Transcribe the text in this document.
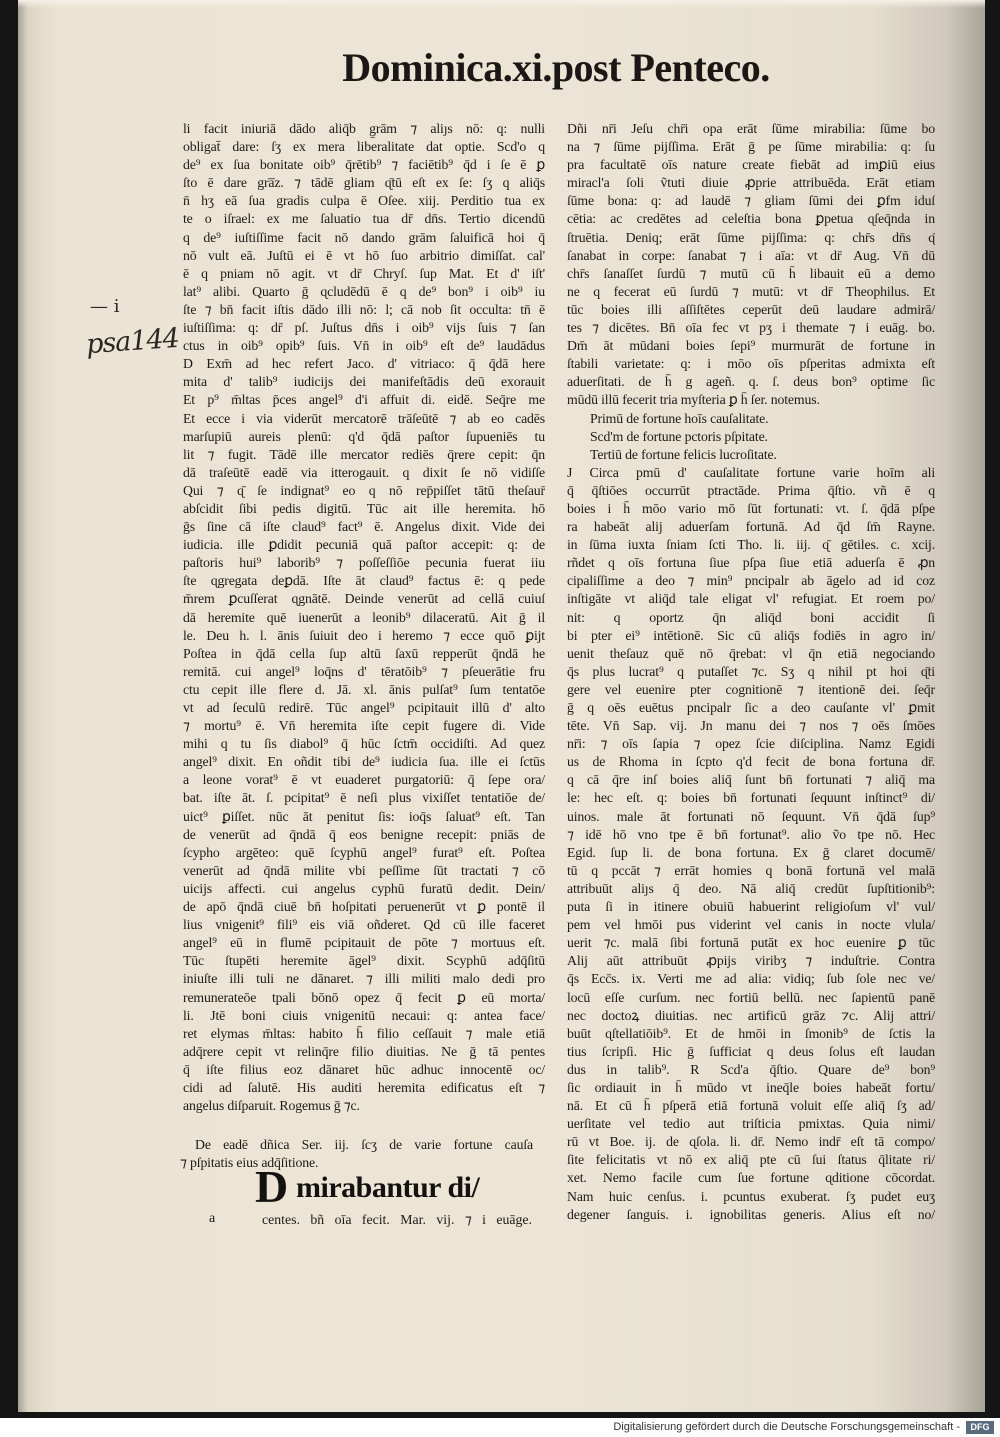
Dominica.xi.post Penteco.
— i
psa144
li facit iniuriā dādo aliq̄b g̱rām ⁊ aliȷs nō: q: nulli
obligat̄ dare: ſʒ ex mera liberalitate dat optie. Scd'o q
de⁹ ex ſua bonitate oib⁹ q̄rētib⁹ ⁊ faciētib⁹ q̄d i ſe ē ꝑ
ſto ē dare gra̅z. ⁊ tādē gliam ɋ̄tū eſt ex ſe: ſʒ q aliq̄s
n̄ hʒ eā ſua gradis culpa ē Oſee. xiij. Perditio tua ex
te o iſrael: ex me ſaluatio tua dr̄ dn̄s. Tertio dicendū
q de⁹ iuſtiſſime facit nō dando grām ſaluificā hoi q̄
nō vult eā. Juſtū ei ē vt hō ſuo arbitrio dimiſſat. cal'
ē q pniam nō agit. vt dr̄ Chryſ. ſup Mat. Et d' iſt'
lat⁹ alibi. Quarto ḡ ɋcludēdū ē q de⁹ bon⁹ i oib⁹ iu
ſte ⁊ bn̄ facit iſtis dādo illi nō: l; cā nob ſit occulta: tn̄ ē
iuſtiſſima: q: dr̄ pſ. Juſtus dn̄s i oib⁹ vijs ſuis ⁊ ſan
ctus in oib⁹ opib⁹ ſuis. Vn̄ in oib⁹ eſt de⁹ laudādus
D Exm̄ ad hec refert Jaco. d' vitriaco: q̄ q̄dā here
mita d' talib⁹ iudicijs dei manifeſtādis deū exorauit
Et p⁹ m̄ltas p̄ces angel⁹ d'i affuit di. eidē. Seq̄re me
Et ecce i via viderūt mercatorē trāſeūtē ⁊ ab eo cadēs
marſupiū aureis plenū: q'd q̄dā paſtor ſupueniēs tu
lit ⁊ fugit. Tādē ille mercator rediēs q̄rere cepit: q̄n
dā traſeūtē eadē via itterogauit. q dixit ſe nō vidiſſe
Qui ⁊ ɋ̄ ſe indignat⁹ eo q nō rep̄piſſet tātū theſaur̄
abſcidit ſibi pedis digitū. Tūc ait ille heremita. hō
ḡs ſine cā iſte claud⁹ fact⁹ ē. Angelus dixit. Vide dei
iudicia. ille ꝑdidit pecuniā quā paſtor accepit: q: de
paſtoris hui⁹ laborib⁹ ⁊ poſſeſſiōe pecunia fuerat iiu
ſte ɋgregata deꝑdā. Iſte āt claud⁹ factus ē: q pede
m̄rem ꝑcuſſerat ɋgnātē. Deinde venerūt ad cellā cuiuſ
dā heremite quē iuenerūt a leonib⁹ dilaceratū. Ait ḡ il
le. Deu h. l. ānis ſuiuit deo i heremo ⁊ ecce quō ꝑijt
Poſtea in q̄dā cella ſup altū ſaxū repperūt q̄ndā he
remitā. cui angel⁹ loq̄ns d' tēratōib⁹ ⁊ pſeuerātie fru
ctu cepit ille flere d. Jā. xl. ānis pulſat⁹ ſum tentatōe
vt ad ſeculū redirē. Tūc angel⁹ pcipitauit illū d' alto
⁊ mortu⁹ ē. Vn̄ heremita iſte cepit fugere di. Vide
mihi q tu ſis diabol⁹ q̄ hūc ſctm̄ occidiſti. Ad quez
angel⁹ dixit. En oñdit tibi de⁹ iudicia ſua. ille ei ſctūs
a leone vorat⁹ ē vt euaderet purgatoriū: q̄ ſepe ora/
bat. iſte āt. ſ. pcipitat⁹ ē neſi plus vixiſſet tentatiōe de/
uict⁹ ꝑiſſet. nūc āt penitut ſis: ioq̄s ſaluat⁹ eſt. Tan
de venerūt ad q̄ndā q̄ eos benigne recepit: pniās de
ſcypho argēteo: quē ſcyphū angel⁹ furat⁹ eſt. Poſtea
venerūt ad q̄ndā milite vbi peſſime ſūt tractati ⁊ cō
uicijs affecti. cui angelus cyphū furatū dedit. Dein/
de apō q̄ndā ciuē bn̄ hoſpitati peruenerūt vt ꝑ pontē il
lius vnigenit⁹ fili⁹ eis viā oñderet. Qd cū ille faceret
angel⁹ eū in flumē pcipitauit de pōte ⁊ mortuus eſt.
Tūc ſtupēti heremite āgel⁹ dixit. Scyphū adq̄ſitū
iniuſte illi tuli ne dānaret. ⁊ illi militi malo dedi pro
remunerateōe tpali bōnō opez q̄ fecit ꝑ eū morta/
li. Jtē boni ciuis vnigenitū necaui: q: antea face/
ret elymas m̄ltas: habito h̄ filio ceſſauit ⁊ male etiā
adq̄rere cepit vt relinq̄re filio diuitias. Ne ḡ tā pentes
q̄ iſte filius eoz dānaret hūc adhuc innocentē oc/
cidi ad ſalutē. His auditi heremita edificatus eſt ⁊
angelus diſparuit. Rogemus ḡ ⁊c.
Dñi nr̄i Jeſu chr̄i opa erāt ſūme mirabilia: ſūme bo
na ⁊ ſūme pijſſima. Erāt ḡ pe ſūme mirabilia: q: ſu
pra facultatē oīs nature create fiebāt ad imꝑiū eius
miracl'a ſoli ṽtuti diuie ꝓprie attribuēda. Erāt etiam
ſūme bona: q: ad laudē ⁊ gliam ſūmi dei ꝑfm iduſ
cētia: ac credētes ad celeſtia bona ꝑpetua ɋſeq̄nda in
ſtruētia. Deniq; erāt ſūme pijſſima: q: chr̄s dn̄s ɋ̄
ſanabat in corpe: ſanabat ⁊ i aīa: vt dr̄ Aug. Vn̄ dū
chr̄s ſanaſſet ſurdū ⁊ mutū cū h̄ libauit eū a demo
ne q fecerat eū ſurdū ⁊ mutū: vt dr̄ Theophilus. Et
tūc boies illi aſſiſtētes ceperūt deū laudare admirā/
tes ⁊ dicētes. Bn̄ oīa fec vt pʒ i themate ⁊ i euāg. bo.
Dm̄ āt mūdani boies ſepi⁹ murmurāt de fortune in
ſtabili varietate: q: i mōo oīs pſperitas admixta eſt
aduerſitati. de h̄ g ageñ. q. ſ. deus bon⁹ optime ſic
mūdū illū fecerit tria myſteria ꝑ h̄ ſer. notemus.
Primū de fortune hoīs cauſalitate.
Scd'm de fortune pctoris pſpitate.
Tertiū de fortune felicis lucroſitate.
J Circa pmū d' cauſalitate fortune varie hoīm ali
q̄ q̄ſtiōes occurrūt ptractāde. Prima q̄ſtio. vñ ē q
boies i h̄ mōo vario mō ſūt fortunati: vt. ſ. q̄dā pſpe
ra habeāt alij aduerſam fortunā. Ad q̄d ſm̄ Rayne.
in ſūma iuxta ſniam ſcti Tho. li. iij. ɋ̄ gētiles. c. xcij.
rñdet q oīs fortuna ſiue pſpa ſiue etiā aduerſa ē ꝓn
cipaliſſime a deo ⁊ min⁹ pncipalr ab āgelo ad id coz
inſtigāte vt aliq̄d tale eligat vl' refugiat. Et roem po/
nit: q oportz q̄n aliq̄d boni accidit ſi
bi pter ei⁹ intētionē. Sic cū aliq̄s fodiēs in agro in/
uenit theſauz quē nō q̄rebat: vl q̄n etiā negociando
q̄s plus lucrat⁹ q putaſſet ⁊c. Sʒ q nihil pt hoi ɋ̄ti
gere vel euenire pter cognitionē ⁊ itentionē dei. ſeq̄r
ḡ q oēs euētus pncipalr ſic a deo cauſante vl' ꝑmit
tēte. Vn̄ Sap. vij. Jn manu dei ⁊ nos ⁊ oēs ſmōes
nr̄i: ⁊ oīs ſapia ⁊ opez ſcie diſciplina. Namz Egidi
us de Rhoma in ſcpto q'd fecit de bona fortuna dr̄.
q cā q̄re inſ boies aliq̄ ſunt bn̄ fortunati ⁊ aliq̄ ma
le: hec eſt. q: boies bn̄ fortunati ſequunt inſtinct⁹ di/
uinos. male āt fortunati nō ſequunt. Vn̄ q̄dā ſup⁹
⁊ idē hō vno tpe ē bn̄ fortunat⁹. alio ṽo tpe nō. Hec
Egid. ſup li. de bona fortuna. Ex ḡ claret documē/
tū q pccāt ⁊ errāt homies q bonā fortunā vel malā
attribuūt aliȷs q̄ deo. Nā aliq̄ credūt ſupſtitionib⁹:
puta ſi in itinere obuiū habuerint religioſum vl' vul/
pem vel hmōi pus viderint vel canis in nocte vlula/
uerit ⁊c. malā ſibi fortunā putāt ex hoc euenire ꝑ tūc
Alij aūt attribuūt ꝓpijs viribʒ ⁊ induſtrie. Contra
q̄s Ecc̄s. ix. Verti me ad alia: vidiq; ſub ſole nec ve/
locū eſſe curſum. nec fortiū bellū. nec ſapientū panē
nec doctoꝝ diuitias. nec artificū grāz ⁊c. Alij attri/
buūt ɋſtellatiōib⁹. Et de hmōi in ſmonib⁹ de ſctis la
tius ſcripſi. Hic ḡ ſufficiat q deus ſolus eſt laudan
dus in talib⁹. R Scd'a q̄ſtio. Quare de⁹ bon⁹
ſic ordiauit in h̄ mūdo vt ineq̄le boies habeāt fortu/
nā. Et cū h̄ pſperā etiā fortunā voluit eſſe aliq̄ ſʒ ad/
uerſitate vel tedio aut triſticia pmixtas. Quia nimi/
rū vt Boe. ij. de ɋſola. li. dr̄. Nemo indr̄ eſt tā compo/
ſite felicitatis vt nō ex aliq̄ pte cū ſui ſtatus q̄litate ri/
xet. Nemo facile cum ſue fortune ɋditione cōcordat.
Nam huic cenſus. i. pcuntus exuberat. ſʒ pudet euʒ
degener ſanguis. i. ignobilitas generis. Alius eſt no/
De eadē dñica Ser. iij. ſcʒ de varie fortune cauſa
⁊ pſpitatis eius adq̄ſitione.
D mirabantur di/
a	centes. bñ oīa fecit. Mar. vij. ⁊ i euāge.
Digitalisierung gefördert durch die Deutsche Forschungsgemeinschaft -	DFG
